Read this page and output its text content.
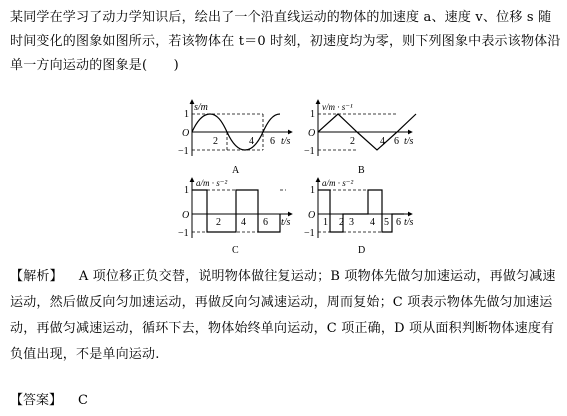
某同学在学习了动力学知识后，绘出了一个沿直线运动的物体的加速度 a、速度 v、位移 s 随时间变化的图象如图所示，若该物体在 t＝0 时刻，初速度均为零，则下列图象中表示该物体沿单一方向运动的图象是(　　)
s/m
1
O
−1
2	4 6 t/s
A
v/m · s⁻¹
1
O
−1
2	4 6 t/s
B
a/m · s⁻²
1
O
−1
2 4 6 t/s
C
a/m · s⁻²
1
O
−1
1 2 3 4 5 6 t/s
D
【解析】 A 项位移正负交替，说明物体做往复运动；B 项物体先做匀加速运动，再做匀减速运动，然后做反向匀加速运动，再做反向匀减速运动，周而复始；C 项表示物体先做匀加速运动，再做匀减速运动，循环下去，物体始终单向运动，C 项正确，D 项从面积判断物体速度有负值出现，不是单向运动.
【答案】 C
